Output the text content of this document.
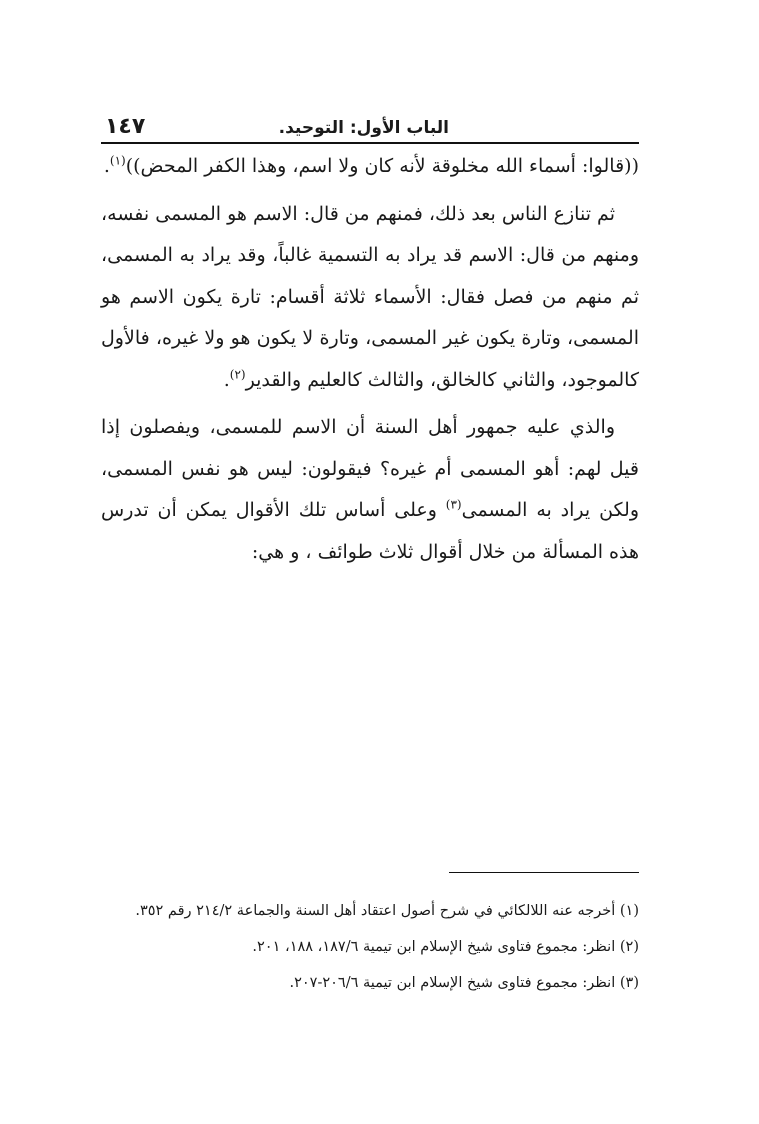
الباب الأول: التوحيد.
١٤٧

((قالوا: أسماء الله مخلوقة لأنه كان ولا اسم، وهذا الكفر المحض))$^{(١)}$.

ثم تنازع الناس بعد ذلك، فمنهم من قال: الاسم هو المسمى نفسه، ومنهم من قال: الاسم قد يراد به التسمية غالباً، وقد يراد به المسمى، ثم منهم من فصل فقال: الأسماء ثلاثة أقسام: تارة يكون الاسم هو المسمى، وتارة يكون غير المسمى، وتارة لا يكون هو ولا غيره، فالأول كالموجود، والثاني كالخالق، والثالث كالعليم والقدير$^{(٢)}$.

والذي عليه جمهور أهل السنة أن الاسم للمسمى، ويفصلون إذا قيل لهم: أهو المسمى أم غيره؟ فيقولون: ليس هو نفس المسمى، ولكن يراد به المسمى$^{(٣)}$ وعلى أساس تلك الأقوال يمكن أن تدرس هذه المسألة من خلال أقوال ثلاث طوائف ، و هي:

(١) أخرجه عنه اللالكائي في شرح أصول اعتقاد أهل السنة والجماعة ٢١٤/٢ رقم ٣٥٢.

(٢) انظر: مجموع فتاوى شيخ الإسلام ابن تيمية ١٨٧/٦، ١٨٨، ٢٠١.

(٣) انظر: مجموع فتاوى شيخ الإسلام ابن تيمية ٢٠٦/٦-٢٠٧.
